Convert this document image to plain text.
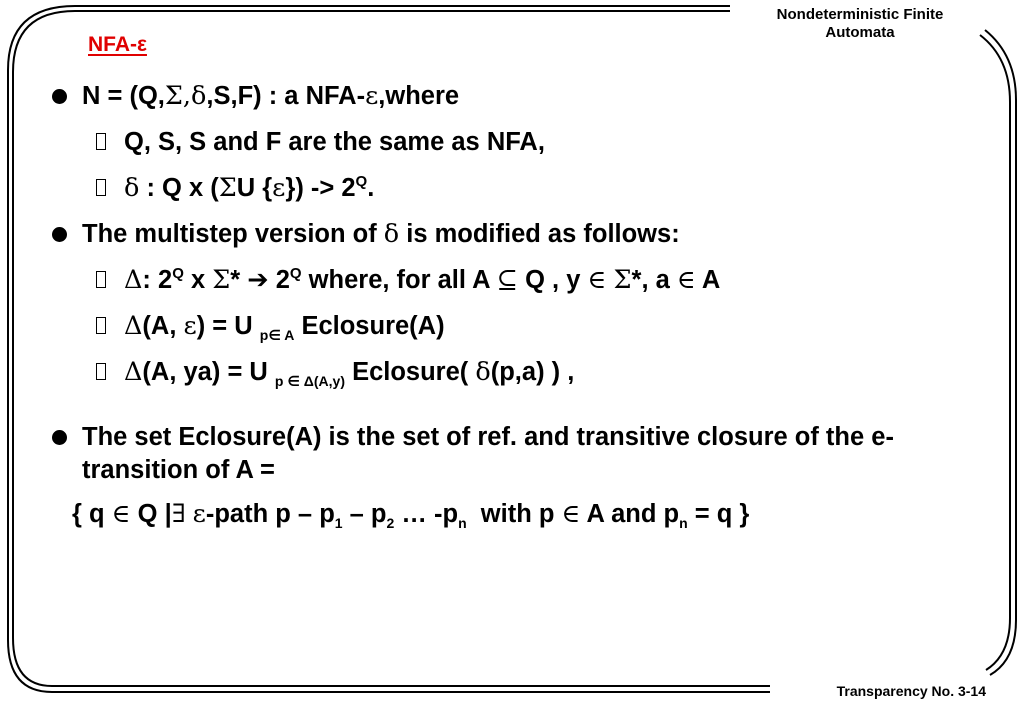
Nondeterministic Finite
Automata
NFA-ε
N = (Q,Σ,δ,S,F) : a NFA-ε,where
Q, S, S and F are the same as NFA,
δ : Q x (ΣU $\{\varepsilon\}) -> 2^Q$.
The multistep version of δ is modified as follows:
Δ: $2^Q$ x Σ* ➔ $2^Q$ where, for all A ⊆ Q , y ∈ Σ*, a ∈ A
Δ(A, ε) = U $_{p\in A}$ Eclosure(A)
Δ(A, ya) = U $_{p \in \Delta(A,y)}$ Eclosure( δ(p,a) ) ,
The set Eclosure(A) is the set of ref. and transitive closure of the e-transition of A =
{ q ∈ Q |∃ ε-path p – $p_1 - p_2$ … $-p_n$  with p ∈ A and $p_n = q$ }
Transparency No. 3-14
